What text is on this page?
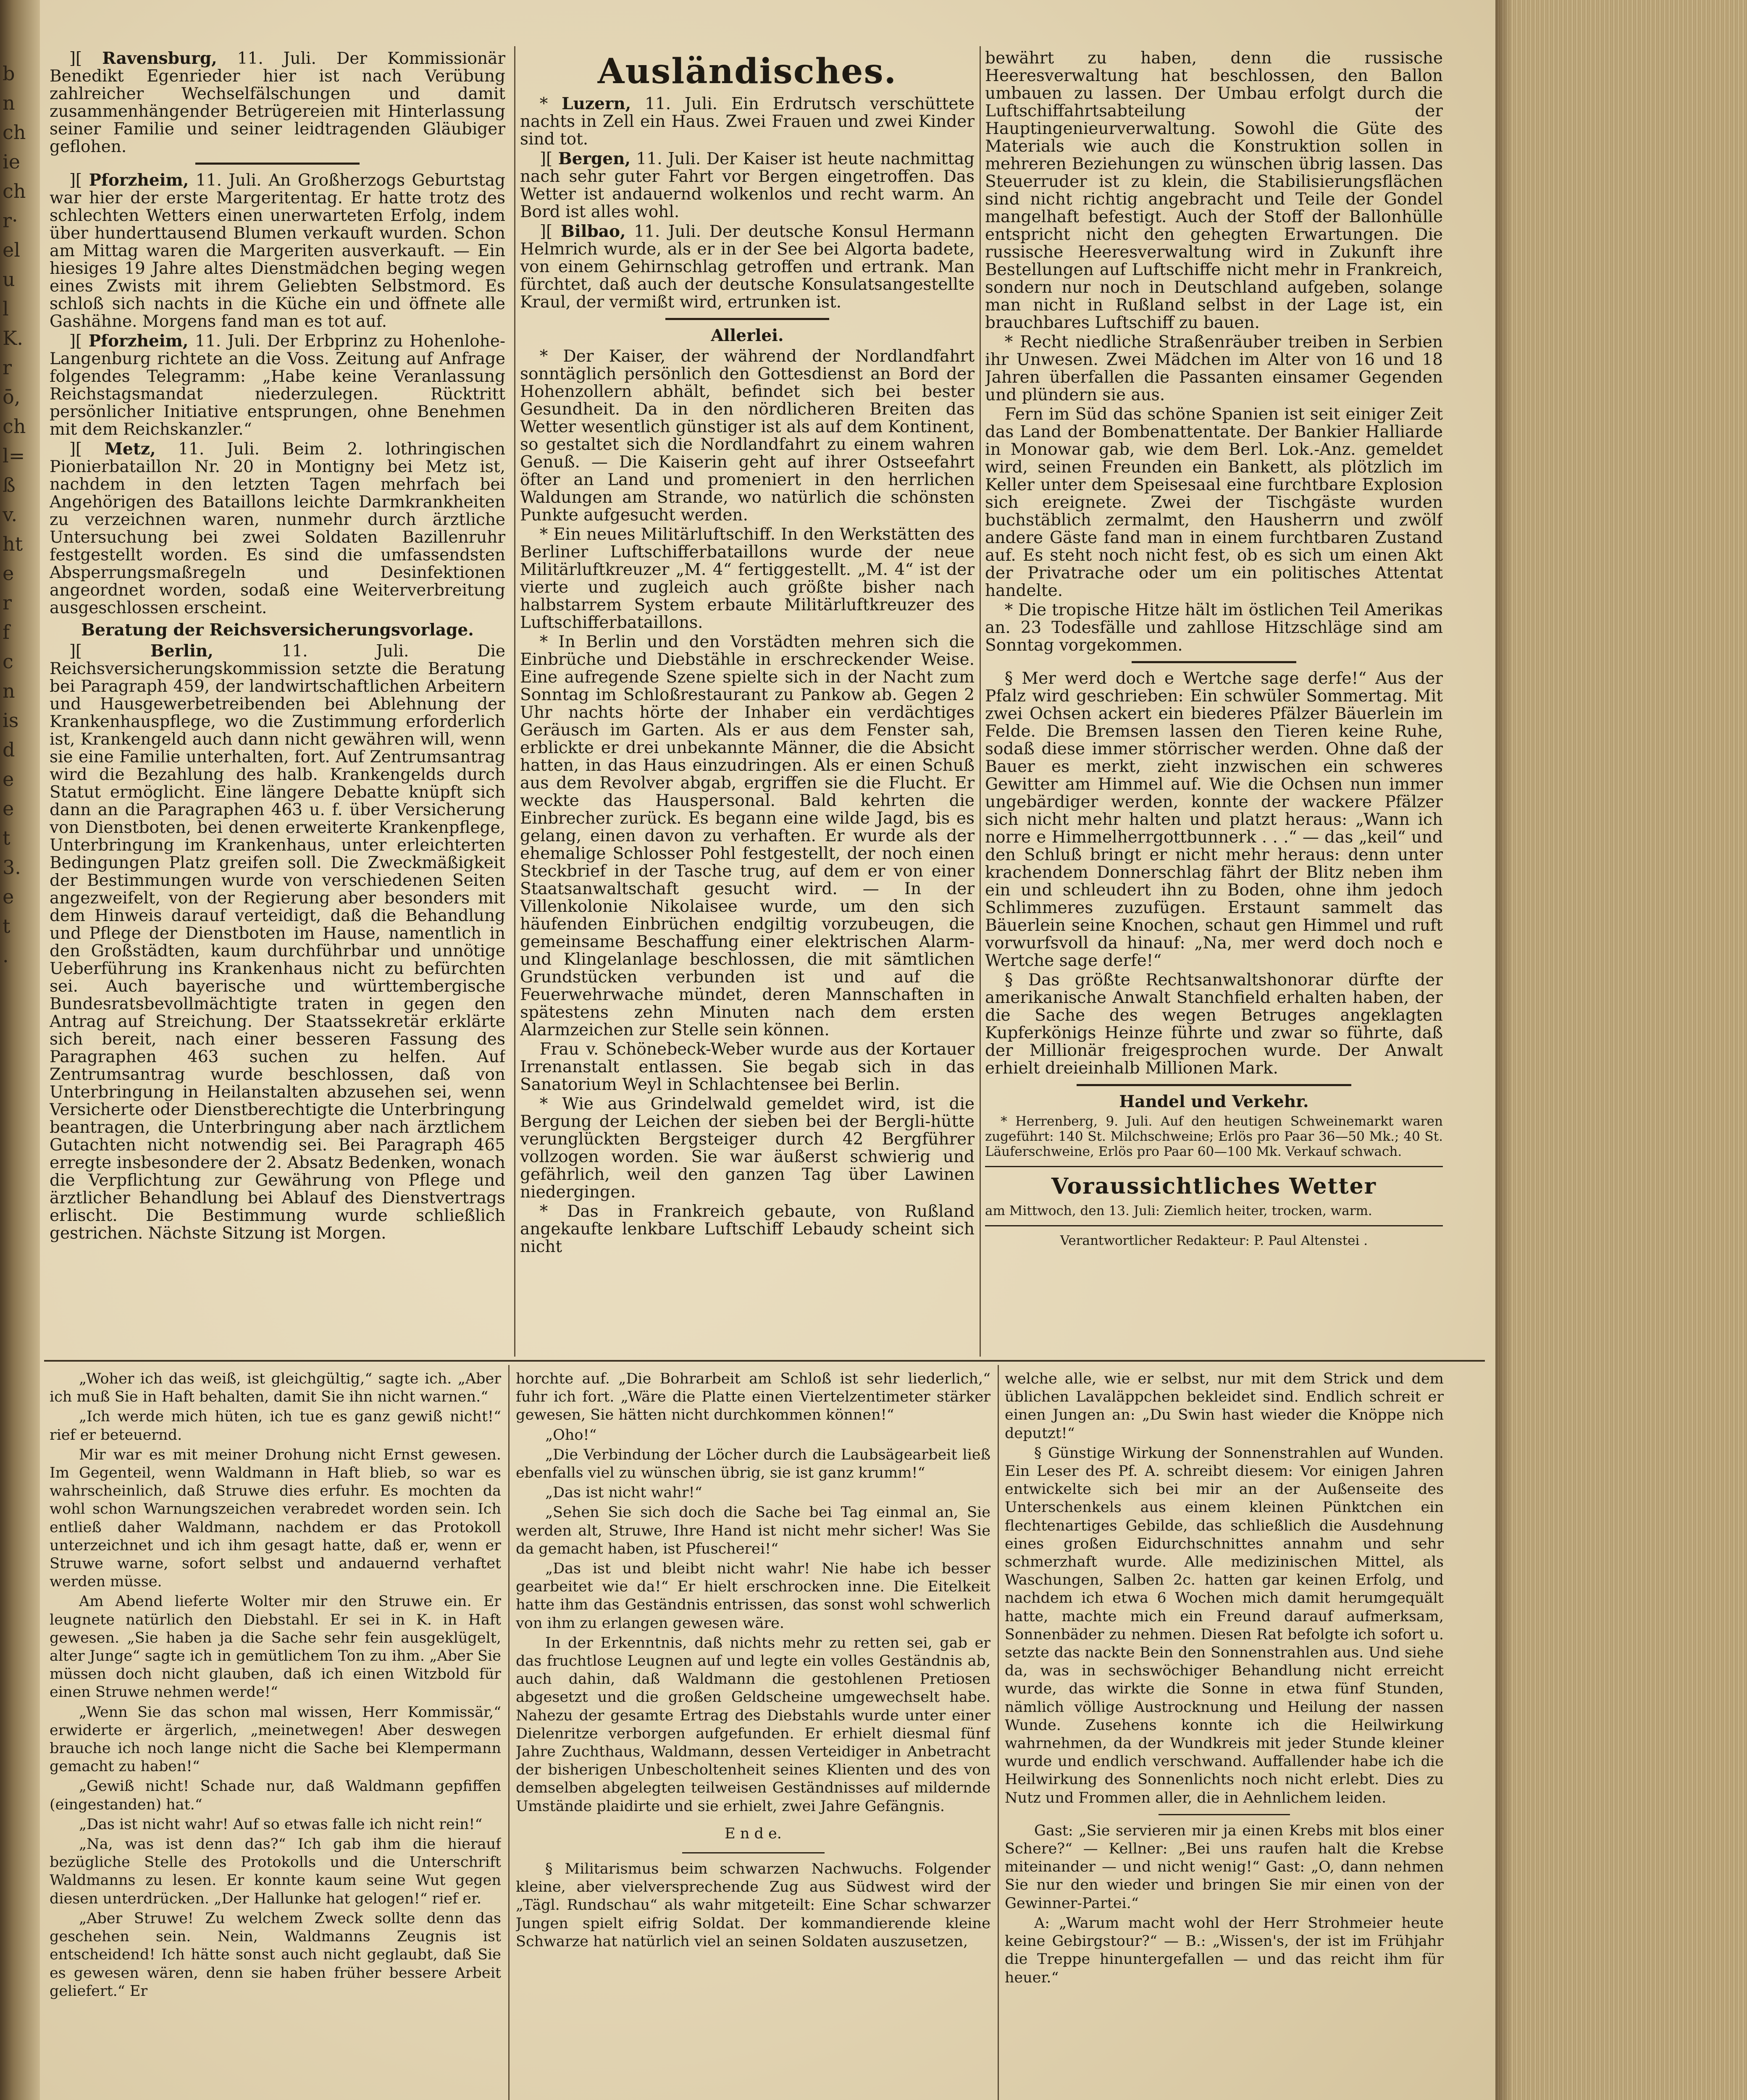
b
n
ch
ie
ch
r·
el
u
l
K.
r
ō,
ch
l=
ß
v.
ht
e
r
f
c
n
is
d
e
e
t
3.
e
t
.

][ Ravensburg, 11. Juli. Der Kommissionär Benedikt Egenrieder hier ist nach Verübung zahlreicher Wechselfälschungen und damit zusammenhängender Betrügereien mit Hinterlassung seiner Familie und seiner leidtragenden Gläubiger geflohen.

][ Pforzheim, 11. Juli. An Großherzogs Geburtstag war hier der erste Margeritentag. Er hatte trotz des schlechten Wetters einen unerwarteten Erfolg, indem über hunderttausend Blumen verkauft wurden. Schon am Mittag waren die Margeriten ausverkauft. — Ein hiesiges 19 Jahre altes Dienstmädchen beging wegen eines Zwists mit ihrem Geliebten Selbstmord. Es schloß sich nachts in die Küche ein und öffnete alle Gashähne. Morgens fand man es tot auf.

][ Pforzheim, 11. Juli. Der Erbprinz zu Hohenlohe-Langenburg richtete an die Voss. Zeitung auf Anfrage folgendes Telegramm: „Habe keine Veranlassung Reichstagsmandat niederzulegen. Rücktritt persönlicher Initiative entsprungen, ohne Benehmen mit dem Reichskanzler.“

][ Metz, 11. Juli. Beim 2. lothringischen Pionierbataillon Nr. 20 in Montigny bei Metz ist, nachdem in den letzten Tagen mehrfach bei Angehörigen des Bataillons leichte Darmkrankheiten zu verzeichnen waren, nunmehr durch ärztliche Untersuchung bei zwei Soldaten Bazillenruhr festgestellt worden. Es sind die umfassendsten Absperrungsmaßregeln und Desinfektionen angeordnet worden, sodaß eine Weiterverbreitung ausgeschlossen erscheint.

Beratung der Reichsversicherungsvorlage.

][ Berlin,	11. Juli. Die Reichsversicherungskommission setzte die Beratung bei Paragraph 459, der landwirtschaftlichen Arbeitern und Hausgewerbetreibenden bei Ablehnung der Krankenhauspflege, wo die Zustimmung erforderlich ist, Krankengeld auch dann nicht gewähren will, wenn sie eine Familie unterhalten, fort. Auf Zentrumsantrag wird die Bezahlung des halb. Krankengelds durch Statut ermöglicht. Eine längere Debatte knüpft sich dann an die Paragraphen 463 u. f. über Versicherung von Dienstboten, bei denen erweiterte Krankenpflege, Unterbringung im Krankenhaus, unter erleichterten Bedingungen Platz greifen soll. Die Zweckmäßigkeit der Bestimmungen wurde von verschiedenen Seiten angezweifelt, von der Regierung aber besonders mit dem Hinweis darauf verteidigt, daß die Behandlung und Pflege der Dienstboten im Hause, namentlich in den Großstädten, kaum durchführbar und unnötige Ueberführung ins Krankenhaus nicht zu befürchten sei. Auch bayerische und württembergische Bundesratsbevollmächtigte traten in gegen den Antrag auf Streichung. Der Staatssekretär erklärte sich bereit, nach einer besseren Fassung des Paragraphen 463 suchen zu helfen. Auf Zentrumsantrag wurde beschlossen, daß von Unterbringung in Heilanstalten abzusehen sei, wenn Versicherte oder Dienstberechtigte die Unterbringung beantragen, die Unterbringung aber nach ärztlichem Gutachten nicht notwendig sei. Bei Paragraph 465 erregte insbesondere der 2. Absatz Bedenken, wonach die Verpflichtung zur Gewährung von Pflege und ärztlicher Behandlung bei Ablauf des Dienstvertrags erlischt. Die Bestimmung wurde schließlich gestrichen. Nächste Sitzung ist Morgen.

Ausländisches.

* Luzern, 11. Juli. Ein Erdrutsch verschüttete nachts in Zell ein Haus. Zwei Frauen und zwei Kinder sind tot.

][ Bergen, 11. Juli. Der Kaiser ist heute nachmittag nach sehr guter Fahrt vor Bergen eingetroffen. Das Wetter ist andauernd wolkenlos und recht warm. An Bord ist alles wohl.

][ Bilbao, 11. Juli. Der deutsche Konsul Hermann Helmrich wurde, als er in der See bei Algorta badete, von einem Gehirnschlag getroffen und ertrank. Man fürchtet, daß auch der deutsche Konsulatsangestellte Kraul, der vermißt wird, ertrunken ist.

Allerlei.

* Der Kaiser, der während der Nordlandfahrt sonntäglich persönlich den Gottesdienst an Bord der Hohenzollern abhält, befindet sich bei bester Gesundheit. Da in den nördlicheren Breiten das Wetter wesentlich günstiger ist als auf dem Kontinent, so gestaltet sich die Nordlandfahrt zu einem wahren Genuß. — Die Kaiserin geht auf ihrer Ostseefahrt öfter an Land und promeniert in den herrlichen Waldungen am Strande, wo natürlich die schönsten Punkte aufgesucht werden.

* Ein neues Militärluftschiff. In den Werkstätten des Berliner Luftschifferbataillons wurde der neue Militärluftkreuzer „M. 4“ fertiggestellt. „M. 4“ ist der vierte und zugleich auch größte bisher nach halbstarrem System erbaute Militärluftkreuzer des Luftschifferbataillons.

* In Berlin und den Vorstädten mehren sich die Einbrüche und Diebstähle in erschreckender Weise. Eine aufregende Szene spielte sich in der Nacht zum Sonntag im Schloßrestaurant zu Pankow ab. Gegen 2 Uhr nachts hörte der Inhaber ein verdächtiges Geräusch im Garten. Als er aus dem Fenster sah, erblickte er drei unbekannte Männer, die die Absicht hatten, in das Haus einzudringen. Als er einen Schuß aus dem Revolver abgab, ergriffen sie die Flucht. Er weckte das Hauspersonal. Bald kehrten die Einbrecher zurück. Es begann eine wilde Jagd, bis es gelang, einen davon zu verhaften. Er wurde als der ehemalige Schlosser Pohl festgestellt, der noch einen Steckbrief in der Tasche trug, auf dem er von einer Staatsanwaltschaft gesucht wird. — In der Villenkolonie Nikolaisee wurde, um den sich häufenden Einbrüchen endgiltig vorzubeugen, die gemeinsame Beschaffung einer elektrischen Alarm- und Klingelanlage beschlossen, die mit sämtlichen Grundstücken verbunden ist und auf die Feuerwehrwache mündet, deren Mannschaften in spätestens zehn Minuten nach dem ersten Alarmzeichen zur Stelle sein können.

Frau v. Schönebeck-Weber wurde aus der Kortauer Irrenanstalt entlassen. Sie begab sich in das Sanatorium Weyl in Schlachtensee bei Berlin.

* Wie aus Grindelwald gemeldet wird, ist die Bergung der Leichen der sieben bei der Bergli-hütte verunglückten Bergsteiger durch 42 Bergführer vollzogen worden. Sie war äußerst schwierig und gefährlich, weil den ganzen Tag über Lawinen niedergingen.

* Das in Frankreich gebaute, von Rußland angekaufte lenkbare Luftschiff Lebaudy scheint sich nicht

bewährt zu haben, denn die russische Heeresverwaltung hat beschlossen, den Ballon umbauen zu lassen. Der Umbau erfolgt durch die Luftschiffahrtsabteilung der Hauptingenieurverwaltung. Sowohl die Güte des Materials wie auch die Konstruktion sollen in mehreren Beziehungen zu wünschen übrig lassen. Das Steuerruder ist zu klein, die Stabilisierungsflächen sind nicht richtig angebracht und Teile der Gondel mangelhaft befestigt. Auch der Stoff der Ballonhülle entspricht nicht den gehegten Erwartungen. Die russische Heeresverwaltung wird in Zukunft ihre Bestellungen auf Luftschiffe nicht mehr in Frankreich, sondern nur noch in Deutschland aufgeben, solange man nicht in Rußland selbst in der Lage ist, ein brauchbares Luftschiff zu bauen.

* Recht niedliche Straßenräuber treiben in Serbien ihr Unwesen. Zwei Mädchen im Alter von 16 und 18 Jahren überfallen die Passanten einsamer Gegenden und plündern sie aus.

Fern im Süd das schöne Spanien ist seit einiger Zeit das Land der Bombenattentate. Der Bankier Halliarde in Monowar gab, wie dem Berl. Lok.-Anz. gemeldet wird, seinen Freunden ein Bankett, als plötzlich im Keller unter dem Speisesaal eine furchtbare Explosion sich ereignete. Zwei der Tischgäste wurden buchstäblich zermalmt, den Hausherrn und zwölf andere Gäste fand man in einem furchtbaren Zustand auf. Es steht noch nicht fest, ob es sich um einen Akt der Privatrache oder um ein politisches Attentat handelte.

* Die tropische Hitze hält im östlichen Teil Amerikas an. 23 Todesfälle und zahllose Hitzschläge sind am Sonntag vorgekommen.

§ Mer werd doch e Wertche sage derfe!“ Aus der Pfalz wird geschrieben: Ein schwüler Sommertag. Mit zwei Ochsen ackert ein biederes Pfälzer Bäuerlein im Felde. Die Bremsen lassen den Tieren keine Ruhe, sodaß diese immer störrischer werden. Ohne daß der Bauer es merkt, zieht inzwischen ein schweres Gewitter am Himmel auf. Wie die Ochsen nun immer ungebärdiger werden, konnte der wackere Pfälzer sich nicht mehr halten und platzt heraus: „Wann ich norre e Himmelherrgottbunnerk . . .“ — das „keil“ und den Schluß bringt er nicht mehr heraus: denn unter krachendem Donnerschlag fährt der Blitz neben ihm ein und schleudert ihn zu Boden, ohne ihm jedoch Schlimmeres zuzufügen. Erstaunt sammelt das Bäuerlein seine Knochen, schaut gen Himmel und ruft vorwurfsvoll da hinauf: „Na, mer werd doch noch e Wertche sage derfe!“

§ Das größte Rechtsanwaltshonorar dürfte der amerikanische Anwalt Stanchfield erhalten haben, der die Sache des wegen Betruges angeklagten Kupferkönigs Heinze führte und zwar so führte, daß der Millionär freigesprochen wurde. Der Anwalt erhielt dreieinhalb Millionen Mark.

Handel und Verkehr.

* Herrenberg, 9. Juli. Auf den heutigen Schweinemarkt waren zugeführt: 140 St. Milchschweine; Erlös pro Paar 36—50 Mk.; 40 St. Läuferschweine, Erlös pro Paar 60—100 Mk. Verkauf schwach.

Voraussichtliches Wetter

am Mittwoch, den 13. Juli: Ziemlich heiter, trocken, warm.

Verantwortlicher Redakteur: P. Paul Altenstei .

„Woher ich das weiß, ist gleichgültig,“ sagte ich. „Aber ich muß Sie in Haft behalten, damit Sie ihn nicht warnen.“

„Ich werde mich hüten, ich tue es ganz gewiß nicht!“ rief er beteuernd.

Mir war es mit meiner Drohung nicht Ernst gewesen. Im Gegenteil, wenn Waldmann in Haft blieb, so war es wahrscheinlich, daß Struwe dies erfuhr. Es mochten da wohl schon Warnungszeichen verabredet worden sein. Ich entließ daher Waldmann, nachdem er das Protokoll unterzeichnet und ich ihm gesagt hatte, daß er, wenn er Struwe warne, sofort selbst und andauernd verhaftet werden müsse.

Am Abend lieferte Wolter mir den Struwe ein. Er leugnete natürlich den Diebstahl. Er sei in K. in Haft gewesen. „Sie haben ja die Sache sehr fein ausgeklügelt, alter Junge“ sagte ich in gemütlichem Ton zu ihm. „Aber Sie müssen doch nicht glauben, daß ich einen Witzbold für einen Struwe nehmen werde!“

„Wenn Sie das schon mal wissen, Herr Kommissär,“ erwiderte er ärgerlich, „meinetwegen! Aber deswegen brauche ich noch lange nicht die Sache bei Klempermann gemacht zu haben!“

„Gewiß nicht! Schade nur, daß Waldmann gepfiffen (eingestanden) hat.“

„Das ist nicht wahr! Auf so etwas falle ich nicht rein!“

„Na, was ist denn das?“ Ich gab ihm die hierauf bezügliche Stelle des Protokolls und die Unterschrift Waldmanns zu lesen. Er konnte kaum seine Wut gegen diesen unterdrücken. „Der Hallunke hat gelogen!“ rief er.

„Aber Struwe! Zu welchem Zweck sollte denn das geschehen sein. Nein, Waldmanns Zeugnis ist entscheidend! Ich hätte sonst auch nicht geglaubt, daß Sie es gewesen wären, denn sie haben früher bessere Arbeit geliefert.“ Er

horchte auf. „Die Bohrarbeit am Schloß ist sehr liederlich,“ fuhr ich fort. „Wäre die Platte einen Viertelzentimeter stärker gewesen, Sie hätten nicht durchkommen können!“

„Oho!“

„Die Verbindung der Löcher durch die Laubsägearbeit ließ ebenfalls viel zu wünschen übrig, sie ist ganz krumm!“

„Das ist nicht wahr!“

„Sehen Sie sich doch die Sache bei Tag einmal an, Sie werden alt, Struwe, Ihre Hand ist nicht mehr sicher! Was Sie da gemacht haben, ist Pfuscherei!“

„Das ist und bleibt nicht wahr! Nie habe ich besser gearbeitet wie da!“ Er hielt erschrocken inne. Die Eitelkeit hatte ihm das Geständnis entrissen, das sonst wohl schwerlich von ihm zu erlangen gewesen wäre.

In der Erkenntnis, daß nichts mehr zu retten sei, gab er das fruchtlose Leugnen auf und legte ein volles Geständnis ab, auch dahin, daß Waldmann die gestohlenen Pretiosen abgesetzt und die großen Geldscheine umgewechselt habe. Nahezu der gesamte Ertrag des Diebstahls wurde unter einer Dielenritze verborgen aufgefunden. Er erhielt diesmal fünf Jahre Zuchthaus, Waldmann, dessen Verteidiger in Anbetracht der bisherigen Unbescholtenheit seines Klienten und des von demselben abgelegten teilweisen Geständnisses auf mildernde Umstände plaidirte und sie erhielt, zwei Jahre Gefängnis.

E n d e.

§ Militarismus beim schwarzen Nachwuchs. Folgender kleine, aber vielversprechende Zug aus Südwest wird der „Tägl. Rundschau“ als wahr mitgeteilt: Eine Schar schwarzer Jungen spielt eifrig Soldat. Der kommandierende kleine Schwarze hat natürlich viel an seinen Soldaten auszusetzen,

welche alle, wie er selbst, nur mit dem Strick und dem üblichen Lavaläppchen bekleidet sind. Endlich schreit er einen Jungen an: „Du Swin hast wieder die Knöppe nich deputzt!“

§ Günstige Wirkung der Sonnenstrahlen auf Wunden. Ein Leser des Pf. A. schreibt diesem: Vor einigen Jahren entwickelte sich bei mir an der Außenseite des Unterschenkels aus einem kleinen Pünktchen ein flechtenartiges Gebilde, das schließlich die Ausdehnung eines großen Eidurchschnittes annahm und sehr schmerzhaft wurde. Alle medizinischen Mittel, als Waschungen, Salben 2c. hatten gar keinen Erfolg, und nachdem ich etwa 6 Wochen mich damit herumgequält hatte, machte mich ein Freund darauf aufmerksam, Sonnenbäder zu nehmen. Diesen Rat befolgte ich sofort u. setzte das nackte Bein den Sonnenstrahlen aus. Und siehe da, was in sechswöchiger Behandlung nicht erreicht wurde, das wirkte die Sonne in etwa fünf Stunden, nämlich völlige Austrocknung und Heilung der nassen Wunde. Zusehens konnte ich die Heilwirkung wahrnehmen, da der Wundkreis mit jeder Stunde kleiner wurde und endlich verschwand. Auffallender habe ich die Heilwirkung des Sonnenlichts noch nicht erlebt. Dies zu Nutz und Frommen aller, die in Aehnlichem leiden.

Gast: „Sie servieren mir ja einen Krebs mit blos einer Schere?“ — Kellner: „Bei uns raufen halt die Krebse miteinander — und nicht wenig!“ Gast: „O, dann nehmen Sie nur den wieder und bringen Sie mir einen von der Gewinner-Partei.“

A: „Warum macht wohl der Herr Strohmeier heute keine Gebirgstour?“ — B.: „Wissen's, der ist im Frühjahr die Treppe hinuntergefallen — und das reicht ihm für heuer.“
